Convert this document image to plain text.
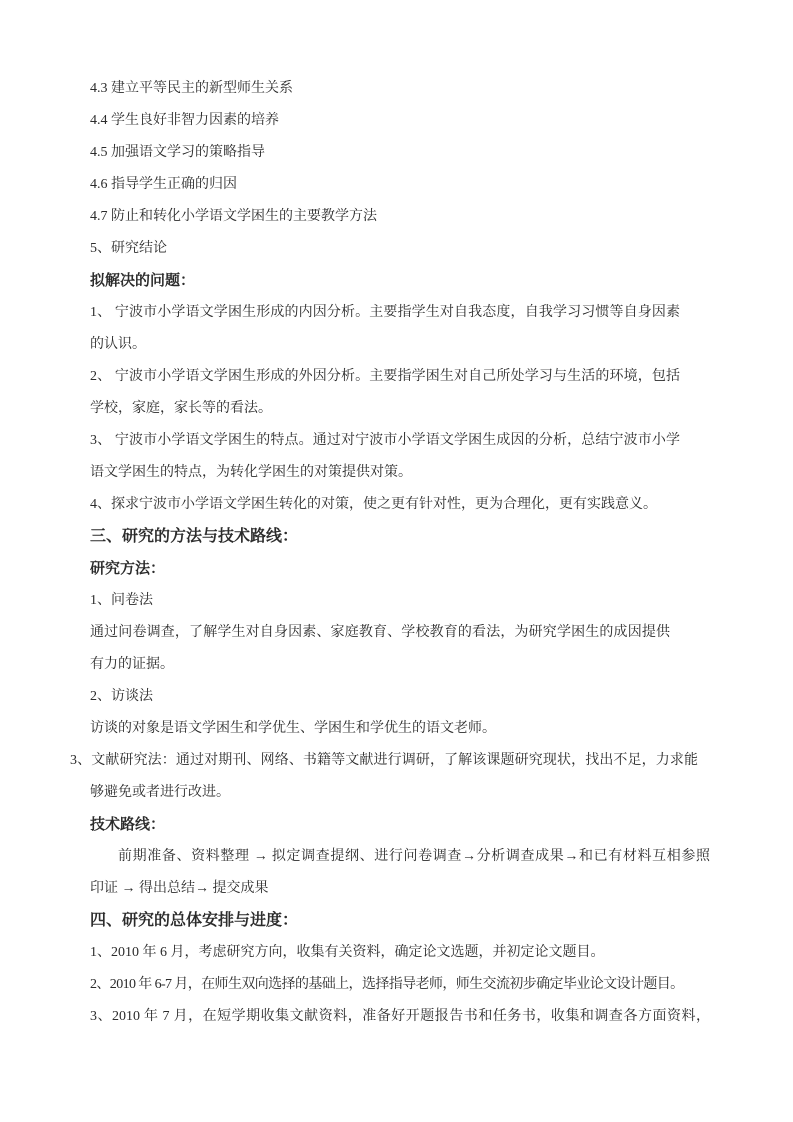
4.3 建立平等民主的新型师生关系

4.4 学生良好非智力因素的培养

4.5 加强语文学习的策略指导

4.6 指导学生正确的归因

4.7 防止和转化小学语文学困生的主要教学方法

5、研究结论

拟解决的问题：

1、 宁波市小学语文学困生形成的内因分析。主要指学生对自我态度，自我学习习惯等自身因素的认识。

2、 宁波市小学语文学困生形成的外因分析。主要指学困生对自己所处学习与生活的环境，包括学校，家庭，家长等的看法。

3、 宁波市小学语文学困生的特点。通过对宁波市小学语文学困生成因的分析，总结宁波市小学语文学困生的特点，为转化学困生的对策提供对策。

4、探求宁波市小学语文学困生转化的对策，使之更有针对性，更为合理化，更有实践意义。

三、研究的方法与技术路线：

研究方法：

1、问卷法

通过问卷调查，了解学生对自身因素、家庭教育、学校教育的看法，为研究学困生的成因提供有力的证据。

2、访谈法

访谈的对象是语文学困生和学优生、学困生和学优生的语文老师。

3、文献研究法：通过对期刊、网络、书籍等文献进行调研，了解该课题研究现状，找出不足，力求能够避免或者进行改进。

技术路线：

前期准备、资料整理 → 拟定调查提纲、进行问卷调查→分析调查成果→和已有材料互相参照

印证 → 得出总结→ 提交成果

四、研究的总体安排与进度：

1、2010 年 6 月，考虑研究方向，收集有关资料，确定论文选题，并初定论文题目。

2、2010 年 6-7 月，在师生双向选择的基础上，选择指导老师，师生交流初步确定毕业论文设计题目。

3、2010 年 7 月，在短学期收集文献资料，准备好开题报告书和任务书，收集和调查各方面资料，
